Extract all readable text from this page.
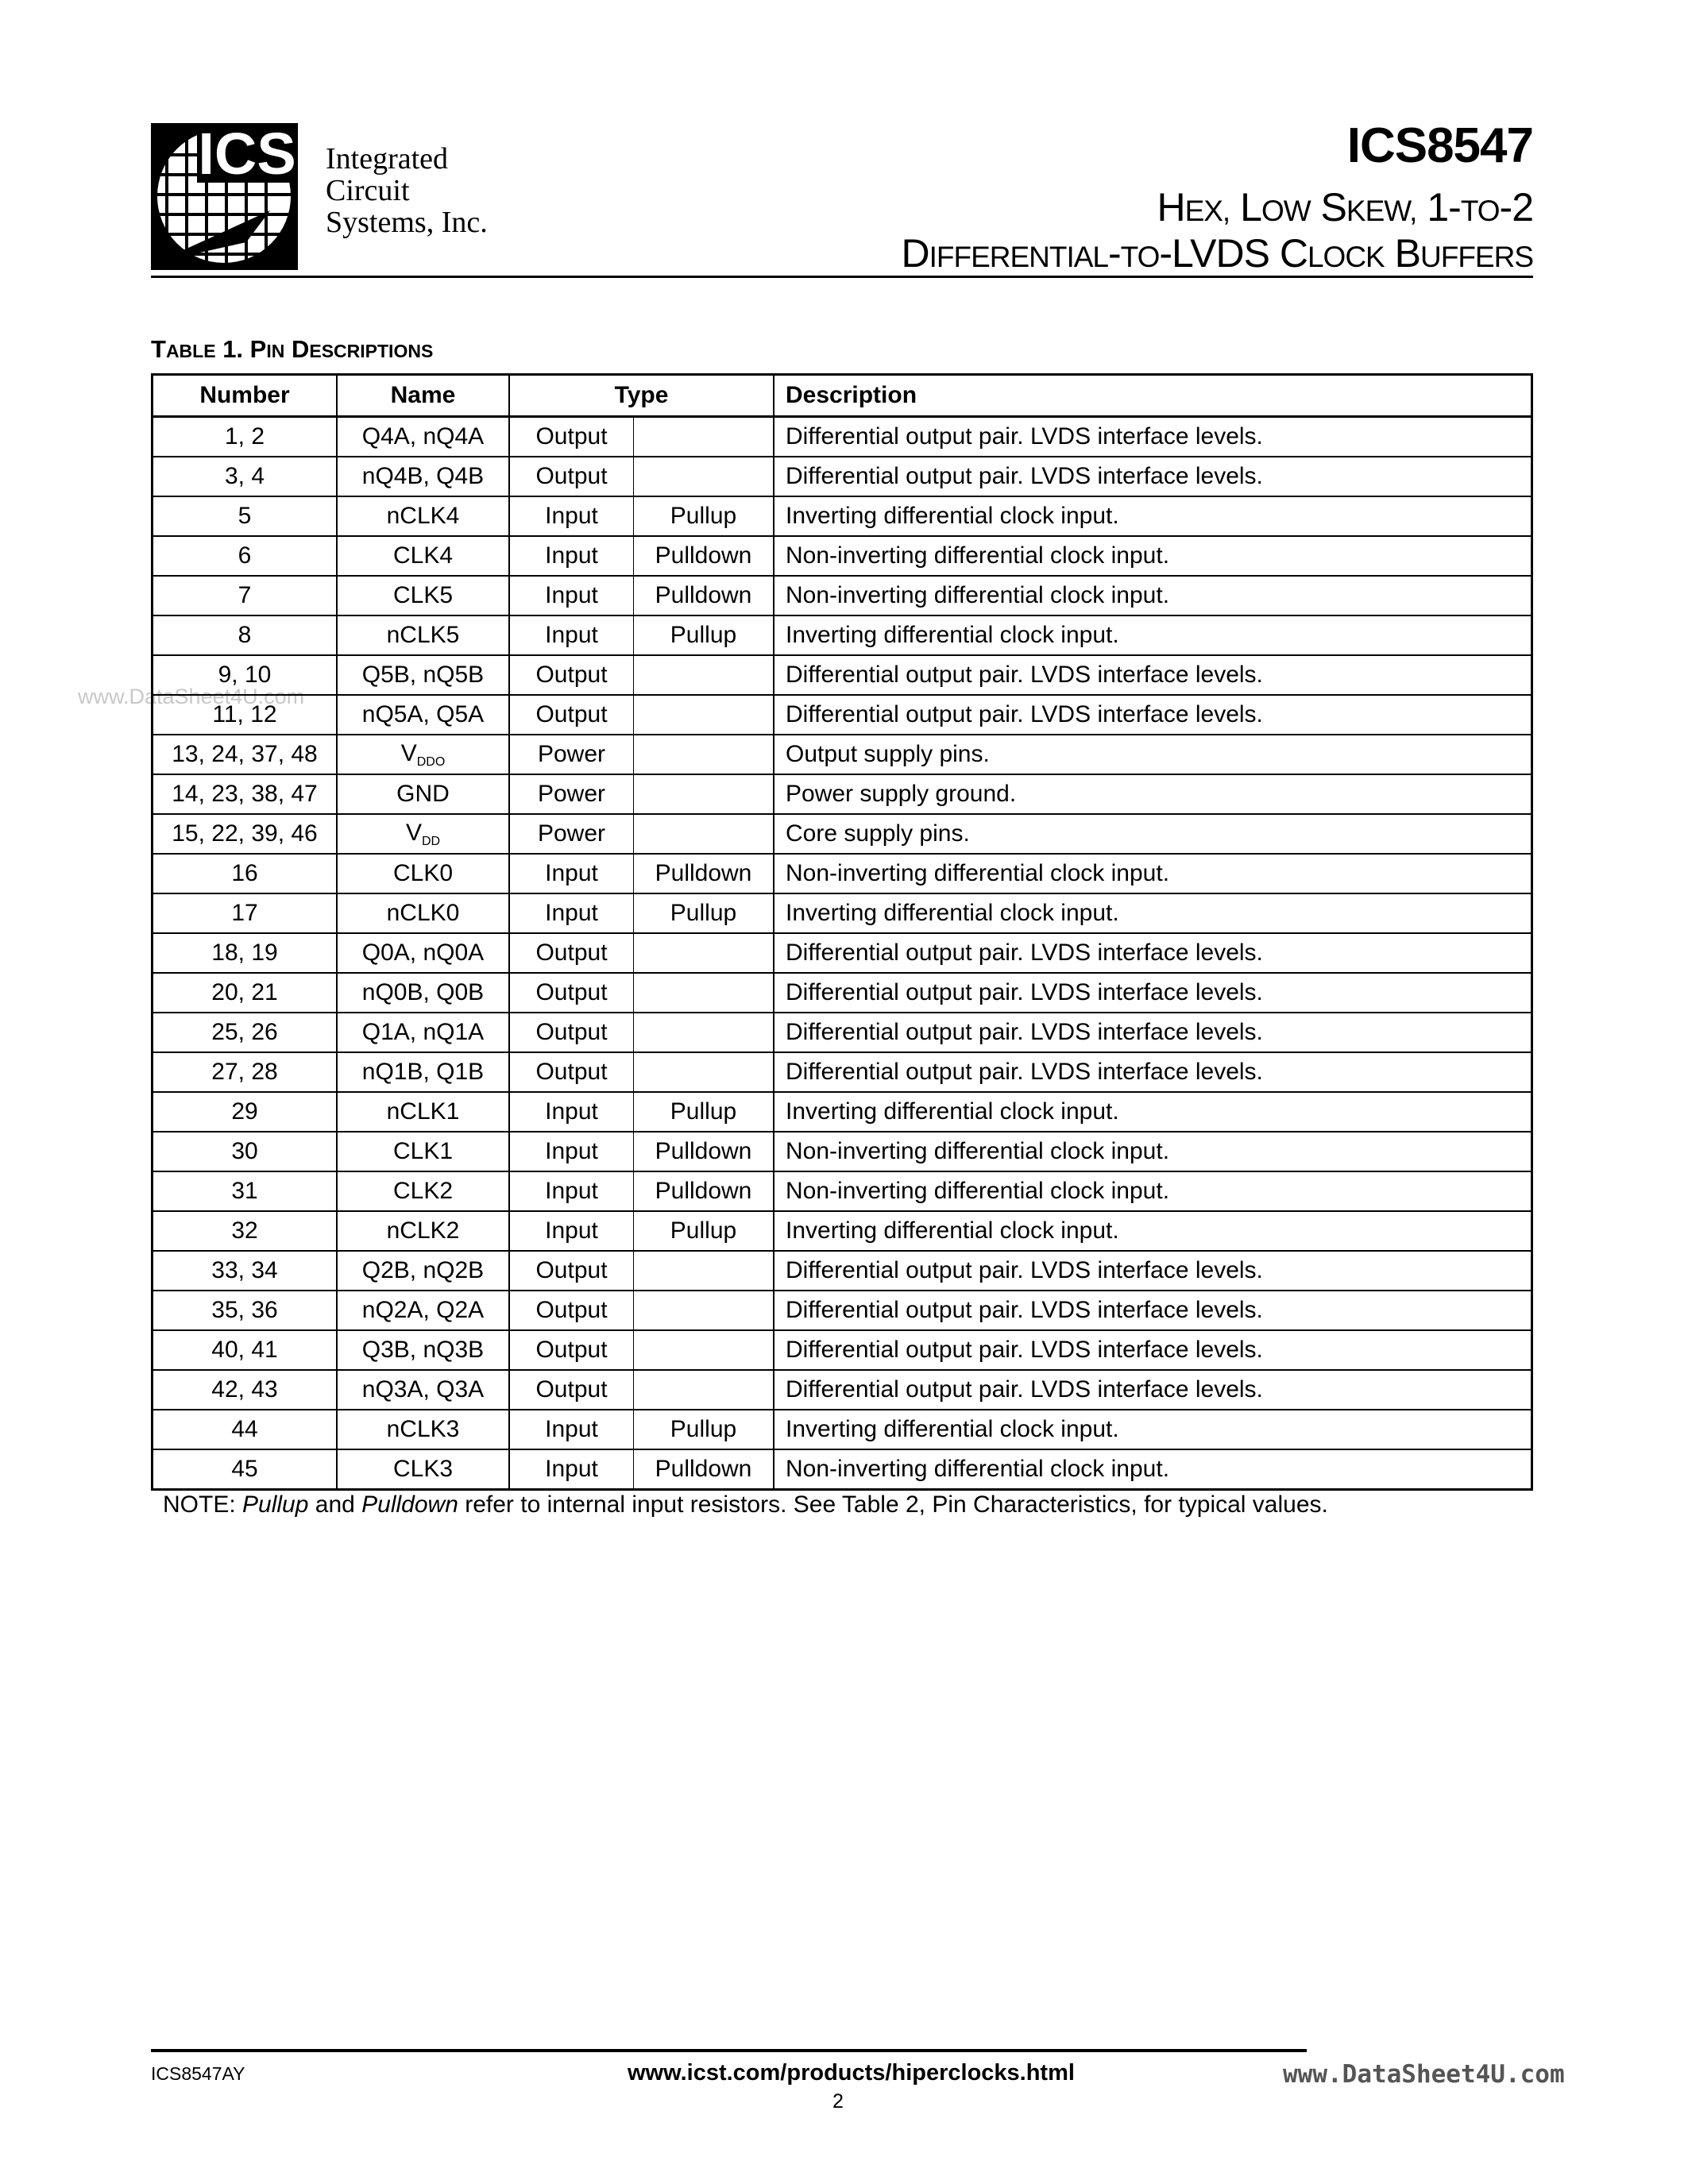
ICS Integrated
Circuit
Systems, Inc.
ICS8547
HEX, LOW SKEW, 1-TO-2
DIFFERENTIAL-TO-LVDS CLOCK BUFFERS
TABLE 1. PIN DESCRIPTIONS
www.DataSheet4U.com
Number	Name	Type		Description
1, 2	Q4A, nQ4A	Output		Differential output pair. LVDS interface levels.
3, 4	nQ4B, Q4B	Output		Differential output pair. LVDS interface levels.
5	nCLK4	Input	Pullup	Inverting differential clock input.
6	CLK4	Input	Pulldown	Non-inverting differential clock input.
7	CLK5	Input	Pulldown	Non-inverting differential clock input.
8	nCLK5	Input	Pullup	Inverting differential clock input.
9, 10	Q5B, nQ5B	Output		Differential output pair. LVDS interface levels.
11, 12	nQ5A, Q5A	Output		Differential output pair. LVDS interface levels.
13, 24, 37, 48	$V_{DDO}$	Power		Output supply pins.
14, 23, 38, 47	GND	Power		Power supply ground.
15, 22, 39, 46	$V_{DD}$	Power		Core supply pins.
16	CLK0	Input	Pulldown	Non-inverting differential clock input.
17	nCLK0	Input	Pullup	Inverting differential clock input.
18, 19	Q0A, nQ0A	Output		Differential output pair. LVDS interface levels.
20, 21	nQ0B, Q0B	Output		Differential output pair. LVDS interface levels.
25, 26	Q1A, nQ1A	Output		Differential output pair. LVDS interface levels.
27, 28	nQ1B, Q1B	Output		Differential output pair. LVDS interface levels.
29	nCLK1	Input	Pullup	Inverting differential clock input.
30	CLK1	Input	Pulldown	Non-inverting differential clock input.
31	CLK2	Input	Pulldown	Non-inverting differential clock input.
32	nCLK2	Input	Pullup	Inverting differential clock input.
33, 34	Q2B, nQ2B	Output		Differential output pair. LVDS interface levels.
35, 36	nQ2A, Q2A	Output		Differential output pair. LVDS interface levels.
40, 41	Q3B, nQ3B	Output		Differential output pair. LVDS interface levels.
42, 43	nQ3A, Q3A	Output		Differential output pair. LVDS interface levels.
44	nCLK3	Input	Pullup	Inverting differential clock input.
45	CLK3	Input	Pulldown	Non-inverting differential clock input.
NOTE: Pullup and Pulldown refer to internal input resistors. See Table 2, Pin Characteristics, for typical values.
ICS8547AY	www.icst.com/products/hiperclocks.html
2
www.DataSheet4U.com
